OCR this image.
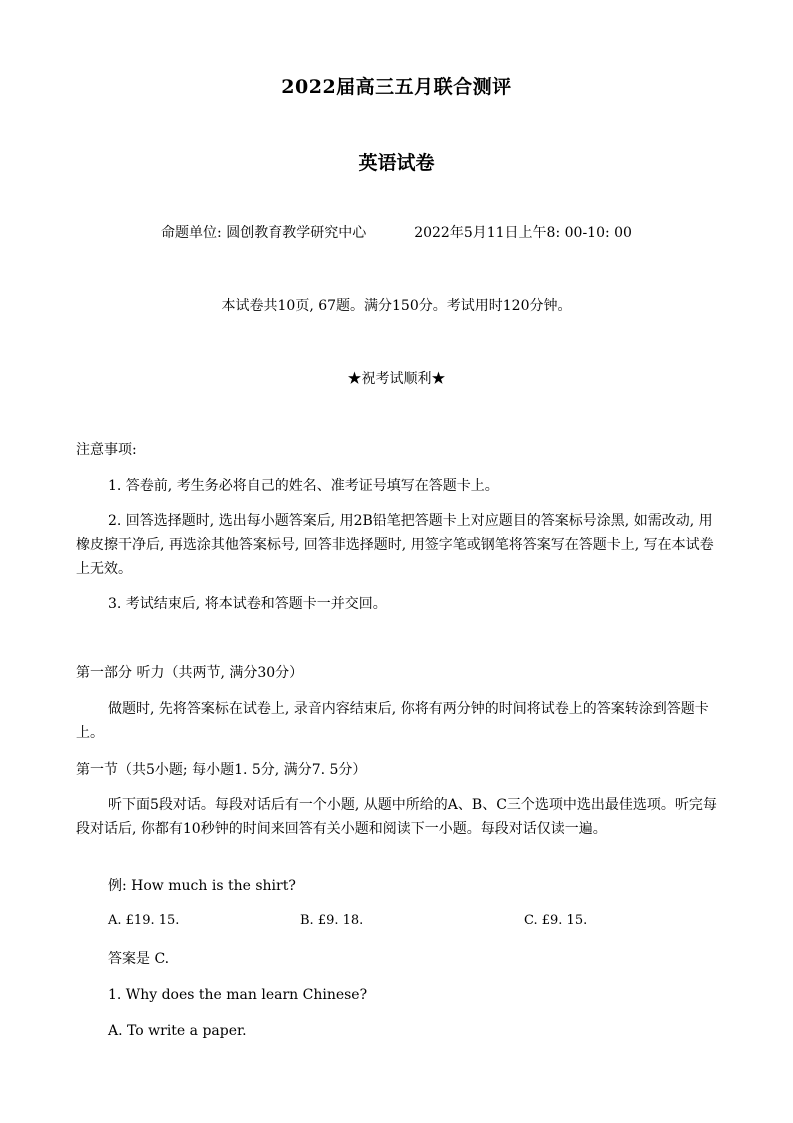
2022届高三五月联合测评
英语试卷
命题单位: 圆创教育教学研究中心	2022年5月11日上午8: 00-10: 00
本试卷共10页, 67题。满分150分。考试用时120分钟。
★祝考试顺利★
注意事项:
1. 答卷前, 考生务必将自己的姓名、准考证号填写在答题卡上。
2. 回答选择题时, 选出每小题答案后, 用2B铅笔把答题卡上对应题目的答案标号涂黑, 如需改动, 用橡皮擦干净后, 再选涂其他答案标号, 回答非选择题时, 用签字笔或钢笔将答案写在答题卡上, 写在本试卷上无效。
3. 考试结束后, 将本试卷和答题卡一并交回。
第一部分 听力（共两节, 满分30分）
做题时, 先将答案标在试卷上, 录音内容结束后, 你将有两分钟的时间将试卷上的答案转涂到答题卡上。
第一节（共5小题; 每小题1. 5分, 满分7. 5分）
听下面5段对话。每段对话后有一个小题, 从题中所给的A、B、C三个选项中选出最佳选项。听完每段对话后, 你都有10秒钟的时间来回答有关小题和阅读下一小题。每段对话仅读一遍。
例: How much is the shirt?
A. £19. 15.	B. £9. 18.	C. £9. 15.
答案是 C.
1. Why does the man learn Chinese?
A. To write a paper.
